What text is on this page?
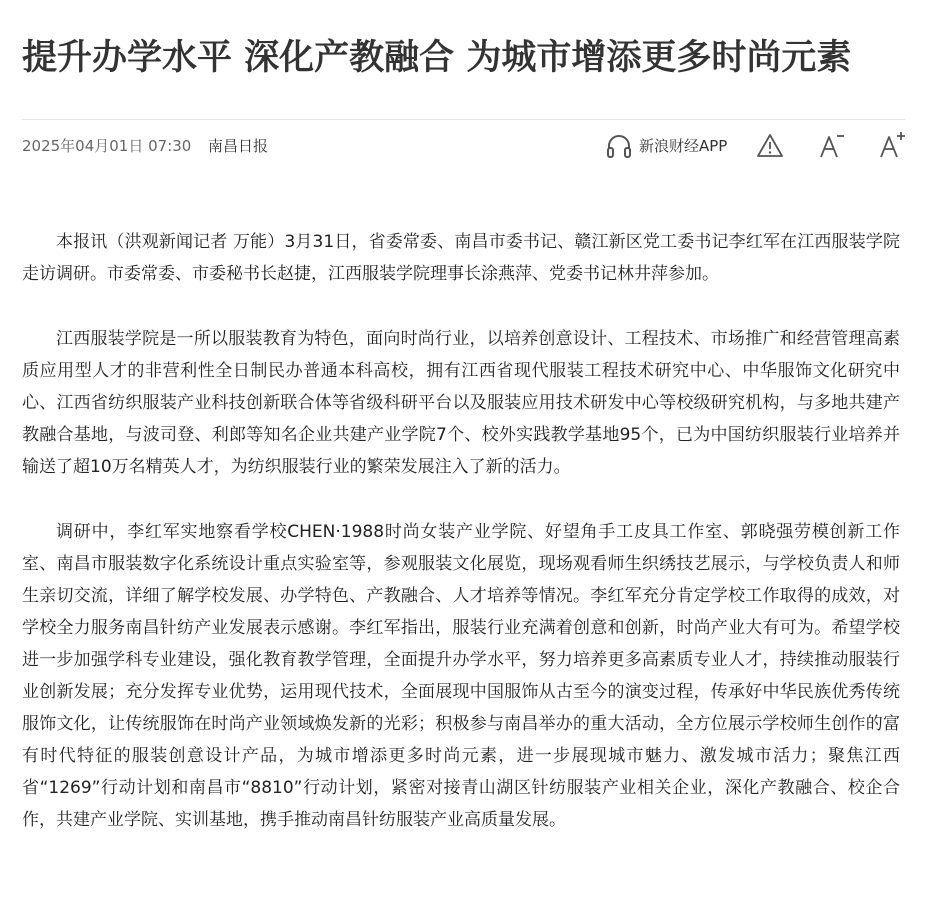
提升办学水平 深化产教融合 为城市增添更多时尚元素
2025年04月01日 07:30 南昌日报	新浪财经APP

本报讯（洪观新闻记者 万能）3月31日，省委常委、南昌市委书记、赣江新区党工委书记李红军在江西服装学院走访调研。市委常委、市委秘书长赵捷，江西服装学院理事长涂燕萍、党委书记林井萍参加。

江西服装学院是一所以服装教育为特色，面向时尚行业，以培养创意设计、工程技术、市场推广和经营管理高素质应用型人才的非营利性全日制民办普通本科高校，拥有江西省现代服装工程技术研究中心、中华服饰文化研究中心、江西省纺织服装产业科技创新联合体等省级科研平台以及服装应用技术研发中心等校级研究机构，与多地共建产教融合基地，与波司登、利郎等知名企业共建产业学院7个、校外实践教学基地95个，已为中国纺织服装行业培养并输送了超10万名精英人才，为纺织服装行业的繁荣发展注入了新的活力。

调研中，李红军实地察看学校CHEN·1988时尚女装产业学院、好望角手工皮具工作室、郭晓强劳模创新工作室、南昌市服装数字化系统设计重点实验室等，参观服装文化展览，现场观看师生织绣技艺展示，与学校负责人和师生亲切交流，详细了解学校发展、办学特色、产教融合、人才培养等情况。李红军充分肯定学校工作取得的成效，对学校全力服务南昌针纺产业发展表示感谢。李红军指出，服装行业充满着创意和创新，时尚产业大有可为。希望学校进一步加强学科专业建设，强化教育教学管理，全面提升办学水平，努力培养更多高素质专业人才，持续推动服装行业创新发展；充分发挥专业优势，运用现代技术，全面展现中国服饰从古至今的演变过程，传承好中华民族优秀传统服饰文化，让传统服饰在时尚产业领域焕发新的光彩；积极参与南昌举办的重大活动，全方位展示学校师生创作的富有时代特征的服装创意设计产品，为城市增添更多时尚元素，进一步展现城市魅力、激发城市活力；聚焦江西省“1269”行动计划和南昌市“8810”行动计划，紧密对接青山湖区针纺服装产业相关企业，深化产教融合、校企合作，共建产业学院、实训基地，携手推动南昌针纺服装产业高质量发展。
